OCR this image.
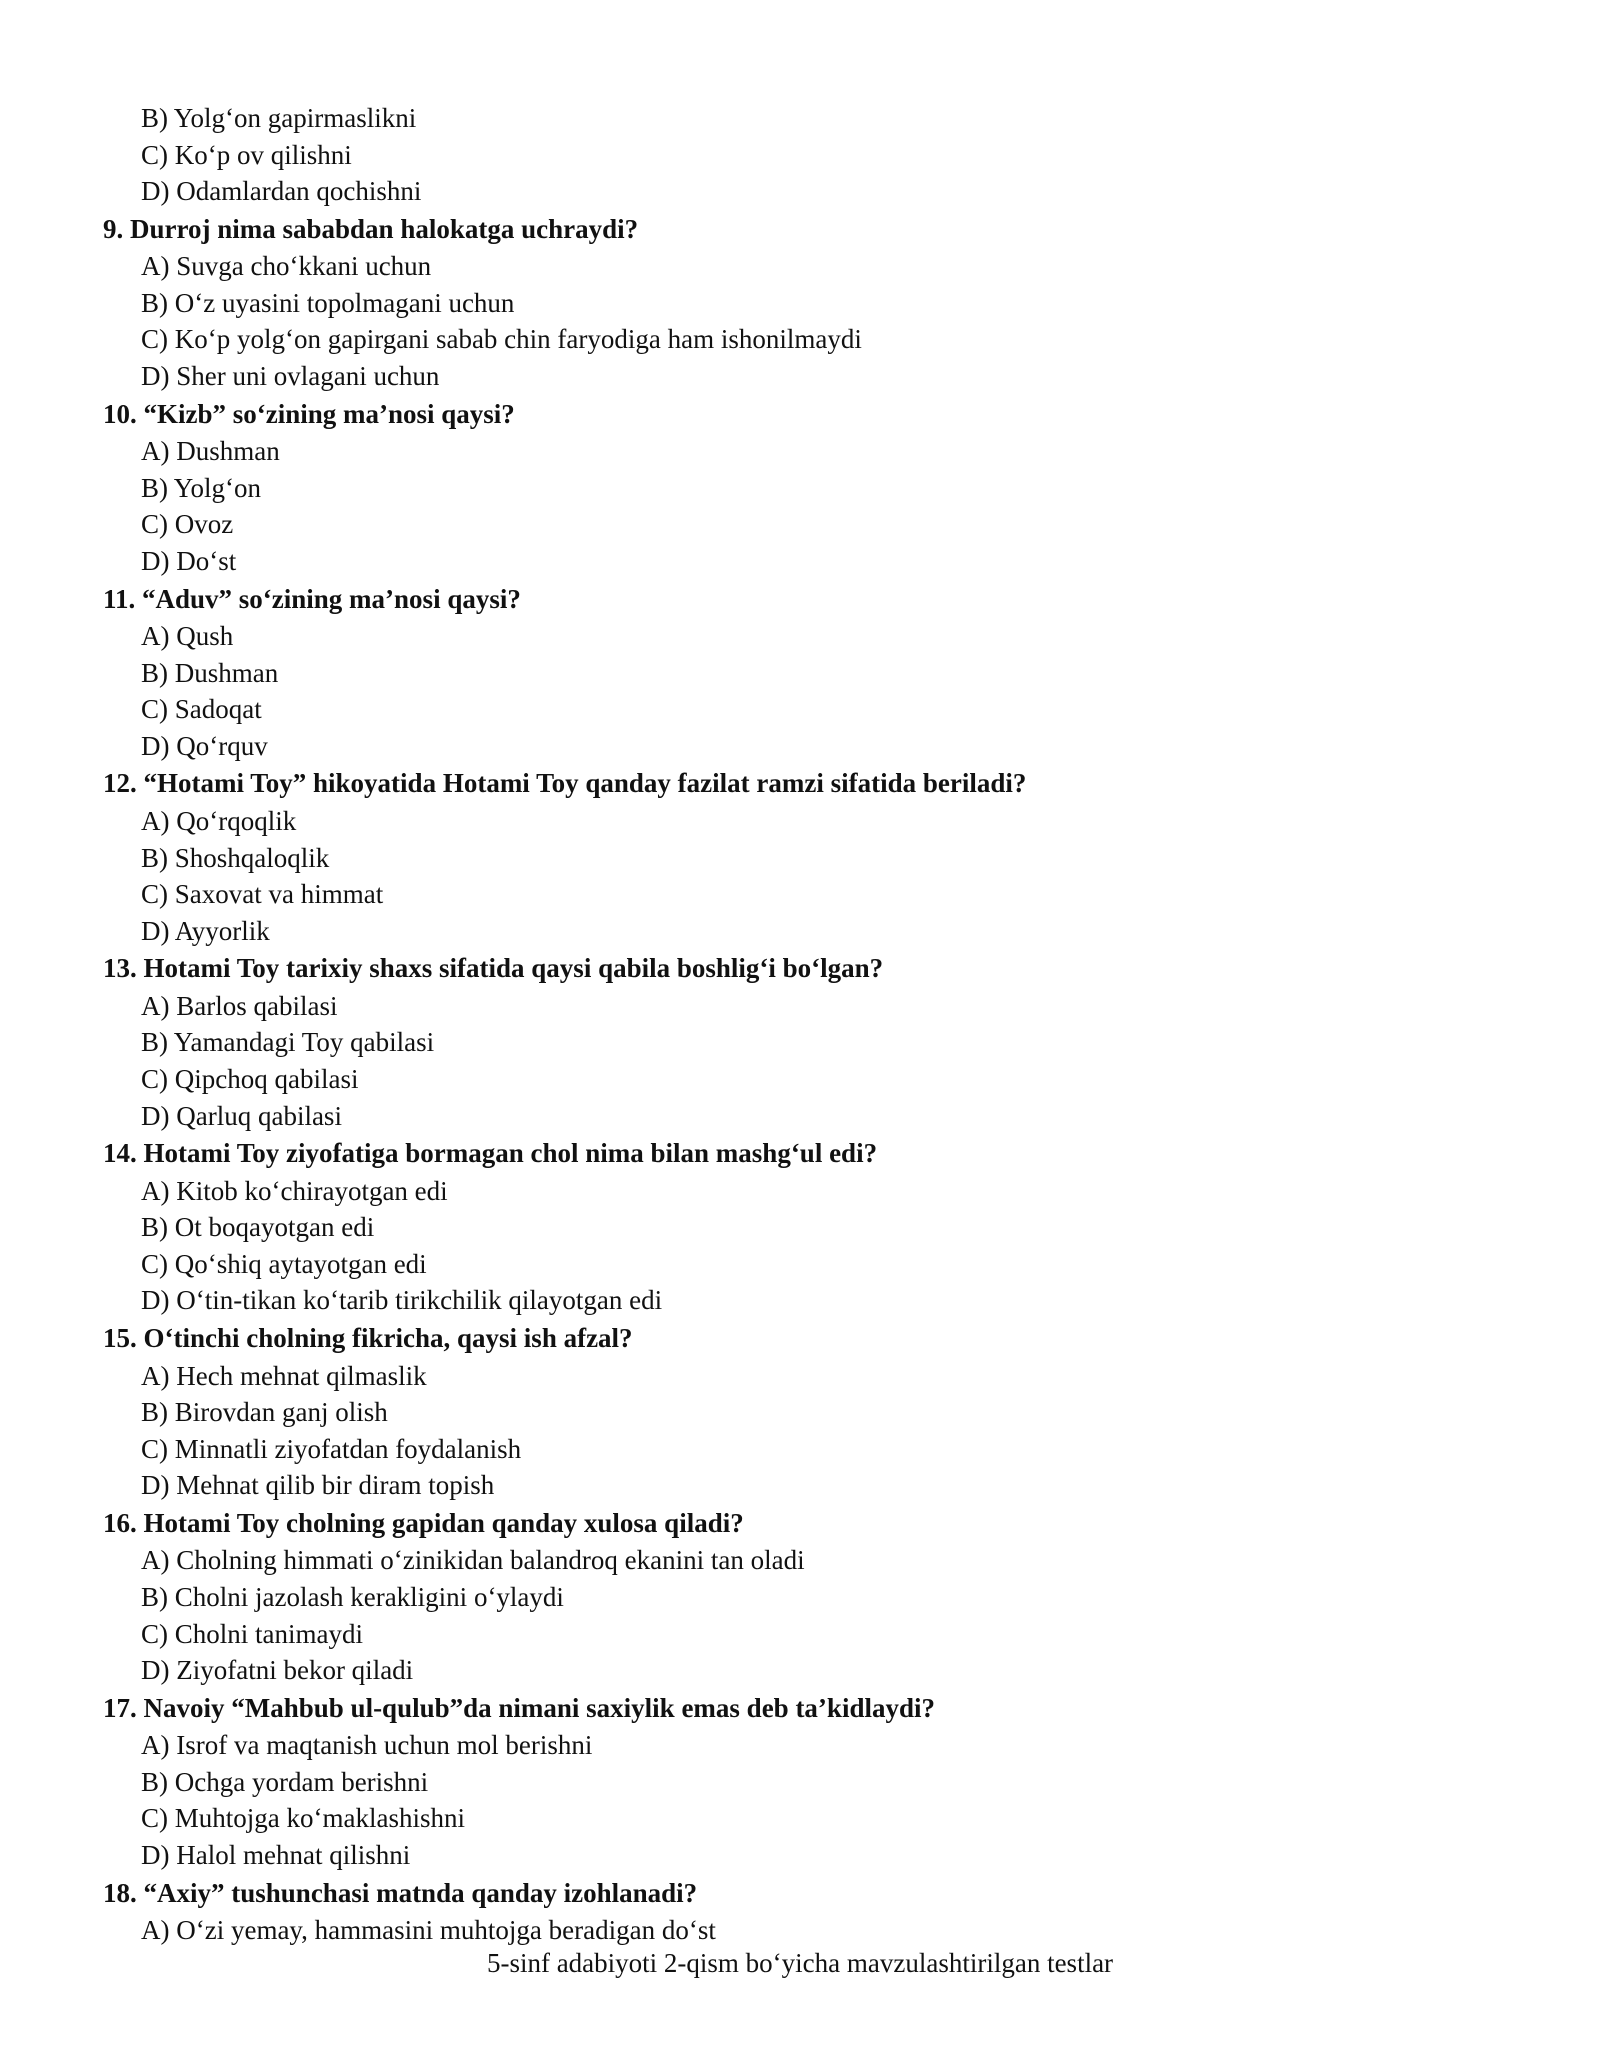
B) Yolg‘on gapirmaslikni
C) Ko‘p ov qilishni
D) Odamlardan qochishni
9. Durroj nima sababdan halokatga uchraydi?
A) Suvga cho‘kkani uchun
B) O‘z uyasini topolmagani uchun
C) Ko‘p yolg‘on gapirgani sabab chin faryodiga ham ishonilmaydi
D) Sher uni ovlagani uchun
10. “Kizb” so‘zining ma’nosi qaysi?
A) Dushman
B) Yolg‘on
C) Ovoz
D) Do‘st
11. “Aduv” so‘zining ma’nosi qaysi?
A) Qush
B) Dushman
C) Sadoqat
D) Qo‘rquv
12. “Hotami Toy” hikoyatida Hotami Toy qanday fazilat ramzi sifatida beriladi?
A) Qo‘rqoqlik
B) Shoshqaloqlik
C) Saxovat va himmat
D) Ayyorlik
13. Hotami Toy tarixiy shaxs sifatida qaysi qabila boshlig‘i bo‘lgan?
A) Barlos qabilasi
B) Yamandagi Toy qabilasi
C) Qipchoq qabilasi
D) Qarluq qabilasi
14. Hotami Toy ziyofatiga bormagan chol nima bilan mashg‘ul edi?
A) Kitob ko‘chirayotgan edi
B) Ot boqayotgan edi
C) Qo‘shiq aytayotgan edi
D) O‘tin-tikan ko‘tarib tirikchilik qilayotgan edi
15. O‘tinchi cholning fikricha, qaysi ish afzal?
A) Hech mehnat qilmaslik
B) Birovdan ganj olish
C) Minnatli ziyofatdan foydalanish
D) Mehnat qilib bir diram topish
16. Hotami Toy cholning gapidan qanday xulosa qiladi?
A) Cholning himmati o‘zinikidan balandroq ekanini tan oladi
B) Cholni jazolash kerakligini o‘ylaydi
C) Cholni tanimaydi
D) Ziyofatni bekor qiladi
17. Navoiy “Mahbub ul-qulub”da nimani saxiylik emas deb ta’kidlaydi?
A) Isrof va maqtanish uchun mol berishni
B) Ochga yordam berishni
C) Muhtojga ko‘maklashishni
D) Halol mehnat qilishni
18. “Axiy” tushunchasi matnda qanday izohlanadi?
A) O‘zi yemay, hammasini muhtojga beradigan do‘st
5-sinf adabiyoti 2-qism bo‘yicha mavzulashtirilgan testlar
